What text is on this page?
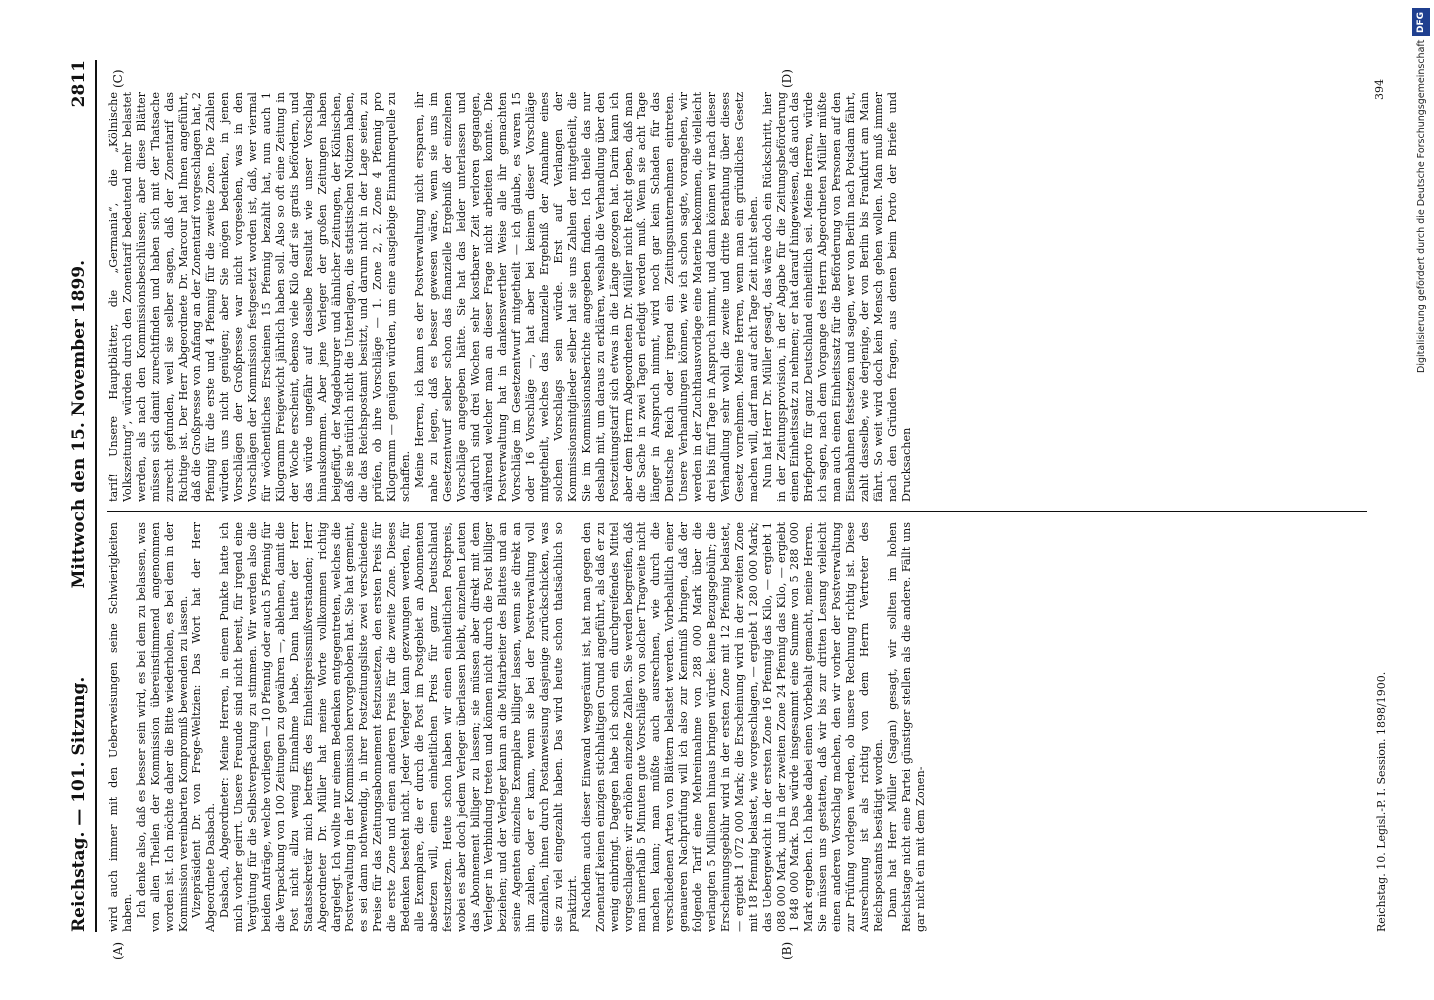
Reichstag. — 101. Sitzung.
Mittwoch den 15. November 1899.
2811
(A)	(B)
(C)	(D)

wird auch immer mit den Ueberweisungen seine Schwierigkeiten haben. Ich denke also, daß es besser sein wird, es bei dem zu belassen, was von allen Theilen der Kommission übereinstimmend angenommen worden ist. Ich möchte daher die Bitte wiederholen, es bei dem in der Kommission vereinbarten Kompromiß bewenden zu lassen. Vizepräsident Dr. von Frege-Weltzien: Das Wort hat der Herr Abgeordnete Dasbach. Dasbach, Abgeordneter: Meine Herren, in einem Punkte hatte ich mich vorher geirrt. Unsere Freunde sind nicht bereit, für irgend eine Vergütung für die Selbstverpackung zu stimmen. Wir werden also die beiden Anträge, welche vorliegen — 10 Pfennig oder auch 5 Pfennig für die Verpackung von 100 Zeitungen zu gewähren —, ablehnen, damit die Post nicht allzu wenig Einnahme habe. Dann hatte der Herr Staatssekretär mich betreffs des Einheitspreissmißverstanden; Herr Abgeordneter Dr. Müller hat meine Worte vollkommen richtig dargelegt. Ich wollte nur einem Bedenken entgegentreten, welches die Postverwaltung in der Kommission hervorgehoben hat. Sie hat gemeint, es sei dann nothwendig, in ihrer Postzeitungsliste zwei verschiedene Preise für das Zeitungsabonnement festzusetzen, den ersten Preis für die erste Zone und einen anderen Preis für die zweite Zone. Dieses Bedenken besteht nicht. Jeder Verleger kann gezwungen werden, für alle Exemplare, die er durch die Post im Postgebiet an Abonnenten absetzen will, einen einheitlichen Preis für ganz Deutschland festzusetzen. Heute schon haben wir einen einheitlichen Postpreis, wobei es aber doch jedem Verleger überlassen bleibt, einzelnen Leuten das Abonnement billiger zu lassen; sie müssen aber direkt mit dem Verleger in Verbindung treten und können nicht durch die Post billiger beziehen; und der Verleger kann an die Mitarbeiter des Blattes und an seine Agenten einzelne Exemplare billiger lassen, wenn sie direkt an ihn zahlen, oder er kann, wenn sie bei der Postverwaltung voll einzahlen, ihnen durch Postanweisung dasjenige zurückschicken, was sie zu viel eingezahlt haben. Das wird heute schon thatsächlich so praktizirt. Nachdem auch dieser Einwand weggeräumt ist, hat man gegen den Zonentarif keinen einzigen stichhaltigen Grund angeführt, als daß er zu wenig einbringt. Dagegen habe ich schon ein durchgreifendes Mittel vorgeschlagen: wir erhöhen einzelne Zahlen. Sie werden begreifen, daß man innerhalb 5 Minuten gute Vorschläge von solcher Tragweite nicht machen kann; man müßte auch ausrechnen, wie durch die verschiedenen Arten von Blättern belastet werden. Vorbehaltlich einer genaueren Nachprüfung will ich also zur Kenntniß bringen, daß der folgende Tarif eine Mehreinnahme von 288 000 Mark über die verlangten 5 Millionen hinaus bringen würde: keine Bezugsgebühr; die Erscheinungsgebühr wird in der ersten Zone mit 12 Pfennig belastet, — ergiebt 1 072 000 Mark; die Erscheinung wird in der zweiten Zone mit 18 Pfennig belastet, wie vorgeschlagen, — ergiebt 1 280 000 Mark; das Uebergewicht in der ersten Zone 16 Pfennig das Kilo, — ergiebt 1 088 000 Mark, und in der zweiten Zone 24 Pfennig das Kilo, — ergiebt 1 848 000 Mark. Das würde insgesammt eine Summe von 5 288 000 Mark ergeben. Ich habe dabei einen Vorbehalt gemacht, meine Herren. Sie müssen uns gestatten, daß wir bis zur dritten Lesung vielleicht einen anderen Vorschlag machen, den wir vorher der Postverwaltung zur Prüfung vorlegen werden, ob unsere Rechnung richtig ist. Diese Ausrechnung ist als richtig von dem Herrn Vertreter des Reichspostamts bestätigt worden. Dann hat Herr Müller (Sagan) gesagt, wir sollten im hohen Reichstage nicht eine Partei günstiger stellen als die andere. Fällt uns gar nicht ein mit dem Zonen-

tarif! Unsere Hauptblätter, die „Germania“, die „Kölnische Volkszeitung“, würden durch den Zonentarif bedeutend mehr belastet werden, als nach den Kommissionsbeschlüssen; aber diese Blätter müssen sich damit zurechtfinden und haben sich mit der Thatsache zurecht gefunden, weil sie selber sagen, daß der Zonentarif das Richtige ist. Der Herr Abgeordnete Dr. Marcour hat Ihnen angeführt, daß die Großpresse von Anfang an der Zonentarif vorgeschlagen hat, 2 Pfennig für die erste und 4 Pfennig für die zweite Zone. Die Zahlen würden uns nicht genügen; aber Sie mögen bedenken, in jenen Vorschlägen der Großpresse war nicht vorgesehen, was in den Vorschlägen der Kommission festgesetzt worden ist, daß, wer viermal für wöchentliches Erscheinen 15 Pfennig bezahlt hat, nun auch 1 Kilogramm Freigewicht jährlich haben soll. Also so oft eine Zeitung in der Woche erscheint, ebenso viele Kilo darf sie gratis befördern, und das würde ungefähr auf dasselbe Resultat wie unser Vorschlag hinauskommen. Aber jene Verleger der großen Zeitungen haben beigefügt, der Magdeburger und ähnlicher Zeitungen, der Kölnischen, daß sie natürlich nicht die Unterlagen, die statistischen Notizen haben, die das Reichspostamt besitzt, und darum nicht in der Lage seien, zu prüfen, ob ihre Vorschläge — 1. Zone 2, 2. Zone 4 Pfennig pro Kilogramm — genügen würden, um eine ausgiebige Einnahmequelle zu schaffen. Meine Herren, ich kann es der Postverwaltung nicht ersparen, ihr nahe zu legen, daß es besser gewesen wäre, wenn sie uns im Gesetzentwurf selber schon das finanzielle Ergebniß der einzelnen Vorschläge angegeben hätte. Sie hat das leider unterlassen und dadurch sind drei Wochen sehr kostbarer Zeit verloren gegangen, während welcher man an dieser Frage nicht arbeiten konnte. Die Postverwaltung hat in dankenswerther Weise alle ihr gemachten Vorschläge im Gesetzentwurf mitgetheilt — ich glaube, es waren 15 oder 16 Vorschläge —, hat aber bei keinem dieser Vorschläge mitgetheilt, welches das finanzielle Ergebniß der Annahme eines solchen Vorschlags sein würde. Erst auf Verlangen der Kommissionsmitglieder selber hat sie uns Zahlen der mitgetheilt, die Sie im Kommissionsberichte angegeben finden. Ich theile das nur deshalb mit, um daraus zu erklären, weshalb die Verhandlung über den Postzeitungstarif sich etwas in die Länge gezogen hat. Darin kann ich aber dem Herrn Abgeordneten Dr. Müller nicht Recht geben, daß man die Sache in zwei Tagen erledigt werden muß. Wenn sie acht Tage länger in Anspruch nimmt, wird noch gar kein Schaden für das Deutsche Reich oder irgend ein Zeitungsunternehmen eintreten. Unsere Verhandlungen können, wie ich schon sagte, vorangehen, wir werden in der Zuchthausvorlage eine Materie bekommen, die vielleicht drei bis fünf Tage in Anspruch nimmt, und dann können wir nach dieser Verhandlung sehr wohl die zweite und dritte Berathung über dieses Gesetz vornehmen. Meine Herren, wenn man ein gründliches Gesetz machen will, darf man auf acht Tage Zeit nicht sehen. Nun hat Herr Dr. Müller gesagt, das wäre doch ein Rückschritt, hier in der Zeitungsprovision, in der Abgabe für die Zeitungsbeförderung einen Einheitssatz zu nehmen; er hat darauf hingewiesen, daß auch das Briefporto für ganz Deutschland einheitlich sei. Meine Herren, würde ich sagen, nach dem Vorgange des Herrn Abgeordneten Müller müßte man auch einen Einheitssatz für die Beförderung von Personen auf den Eisenbahnen festsetzen und sagen, wer von Berlin nach Potsdam fährt, zahlt dasselbe, wie derjenige, der von Berlin bis Frankfurt am Main fährt. So weit wird doch kein Mensch gehen wollen. Man muß immer nach den Gründen fragen, aus denen beim Porto der Briefe und Drucksachen

Reichstag. 10. Legisl.-P. I. Session. 1898/1900.
394
DFG
Digitalisierung gefördert durch die Deutsche Forschungsgemeinschaft
